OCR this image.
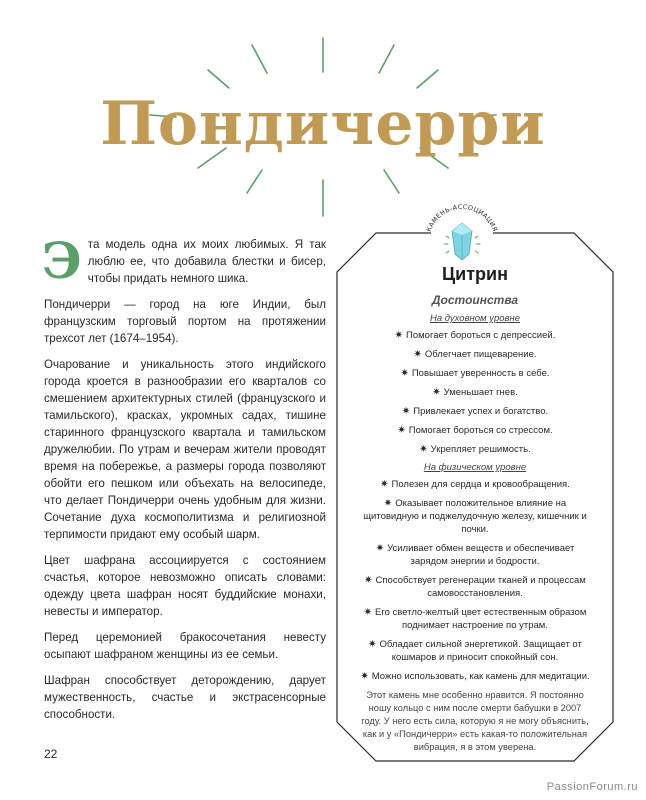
Пондичерри

Эта модель одна их моих любимых. Я так люблю ее, что добавила блестки и бисер, чтобы придать немного шика.

Пондичерри — город на юге Индии, был французским торговый портом на протяжении трехсот лет (1674–1954).

Очарование и уникальность этого индийского города кроется в разнообразии его кварталов со смешением архитектурных стилей (французского и тамильского), красках, укромных садах, тишине старинного французского квартала и тамильском дружелюбии. По утрам и вечерам жители проводят время на побережье, а размеры города позволяют обойти его пешком или объехать на велосипеде, что делает Пондичерри очень удобным для жизни. Сочетание духа космополитизма и религиозной терпимости придают ему особый шарм.

Цвет шафрана ассоциируется с состоянием счастья, которое невозможно описать словами: одежду цвета шафран носят буддийские монахи, невесты и император.

Перед церемонией бракосочетания невесту осыпают шафраном женщины из ее семьи.

Шафран способствует деторождению, дарует мужественность, счастье и экстрасенсорные способности.

22
КАМЕНЬ-АССОЦИАЦИЯ
Цитрин
Достоинства
На духовном уровне
✷ Помогает бороться с депрессией.
✷ Облегчает пищеварение.
✷ Повышает уверенность в себе.
✷ Уменьшает гнев.
✷ Привлекает успех и богатство.
✷ Помогает бороться со стрессом.
✷ Укрепляет решимость.
На физическом уровне
✷ Полезен для сердца и кровообращения.
✷ Оказывает положительное влияние на щитовидную и поджелудочную железу, кишечник и почки.
✷ Усиливает обмен веществ и обеспечивает зарядом энергии и бодрости.
✷ Способствует регенерации тканей и процессам самовосстановления.
✷ Его светло-желтый цвет естественным образом поднимает настроение по утрам.
✷ Обладает сильной энергетикой. Защищает от кошмаров и приносит спокойный сон.
✷ Можно использовать, как камень для медитации.
Этот камень мне особенно нравится. Я постоянно ношу кольцо с ним после смерти бабушки в 2007 году. У него есть сила, которую я не могу объяснить, как и у «Пондичерри» есть какая-то положительная вибрация, я в этом уверена.
PassionForum.ru
